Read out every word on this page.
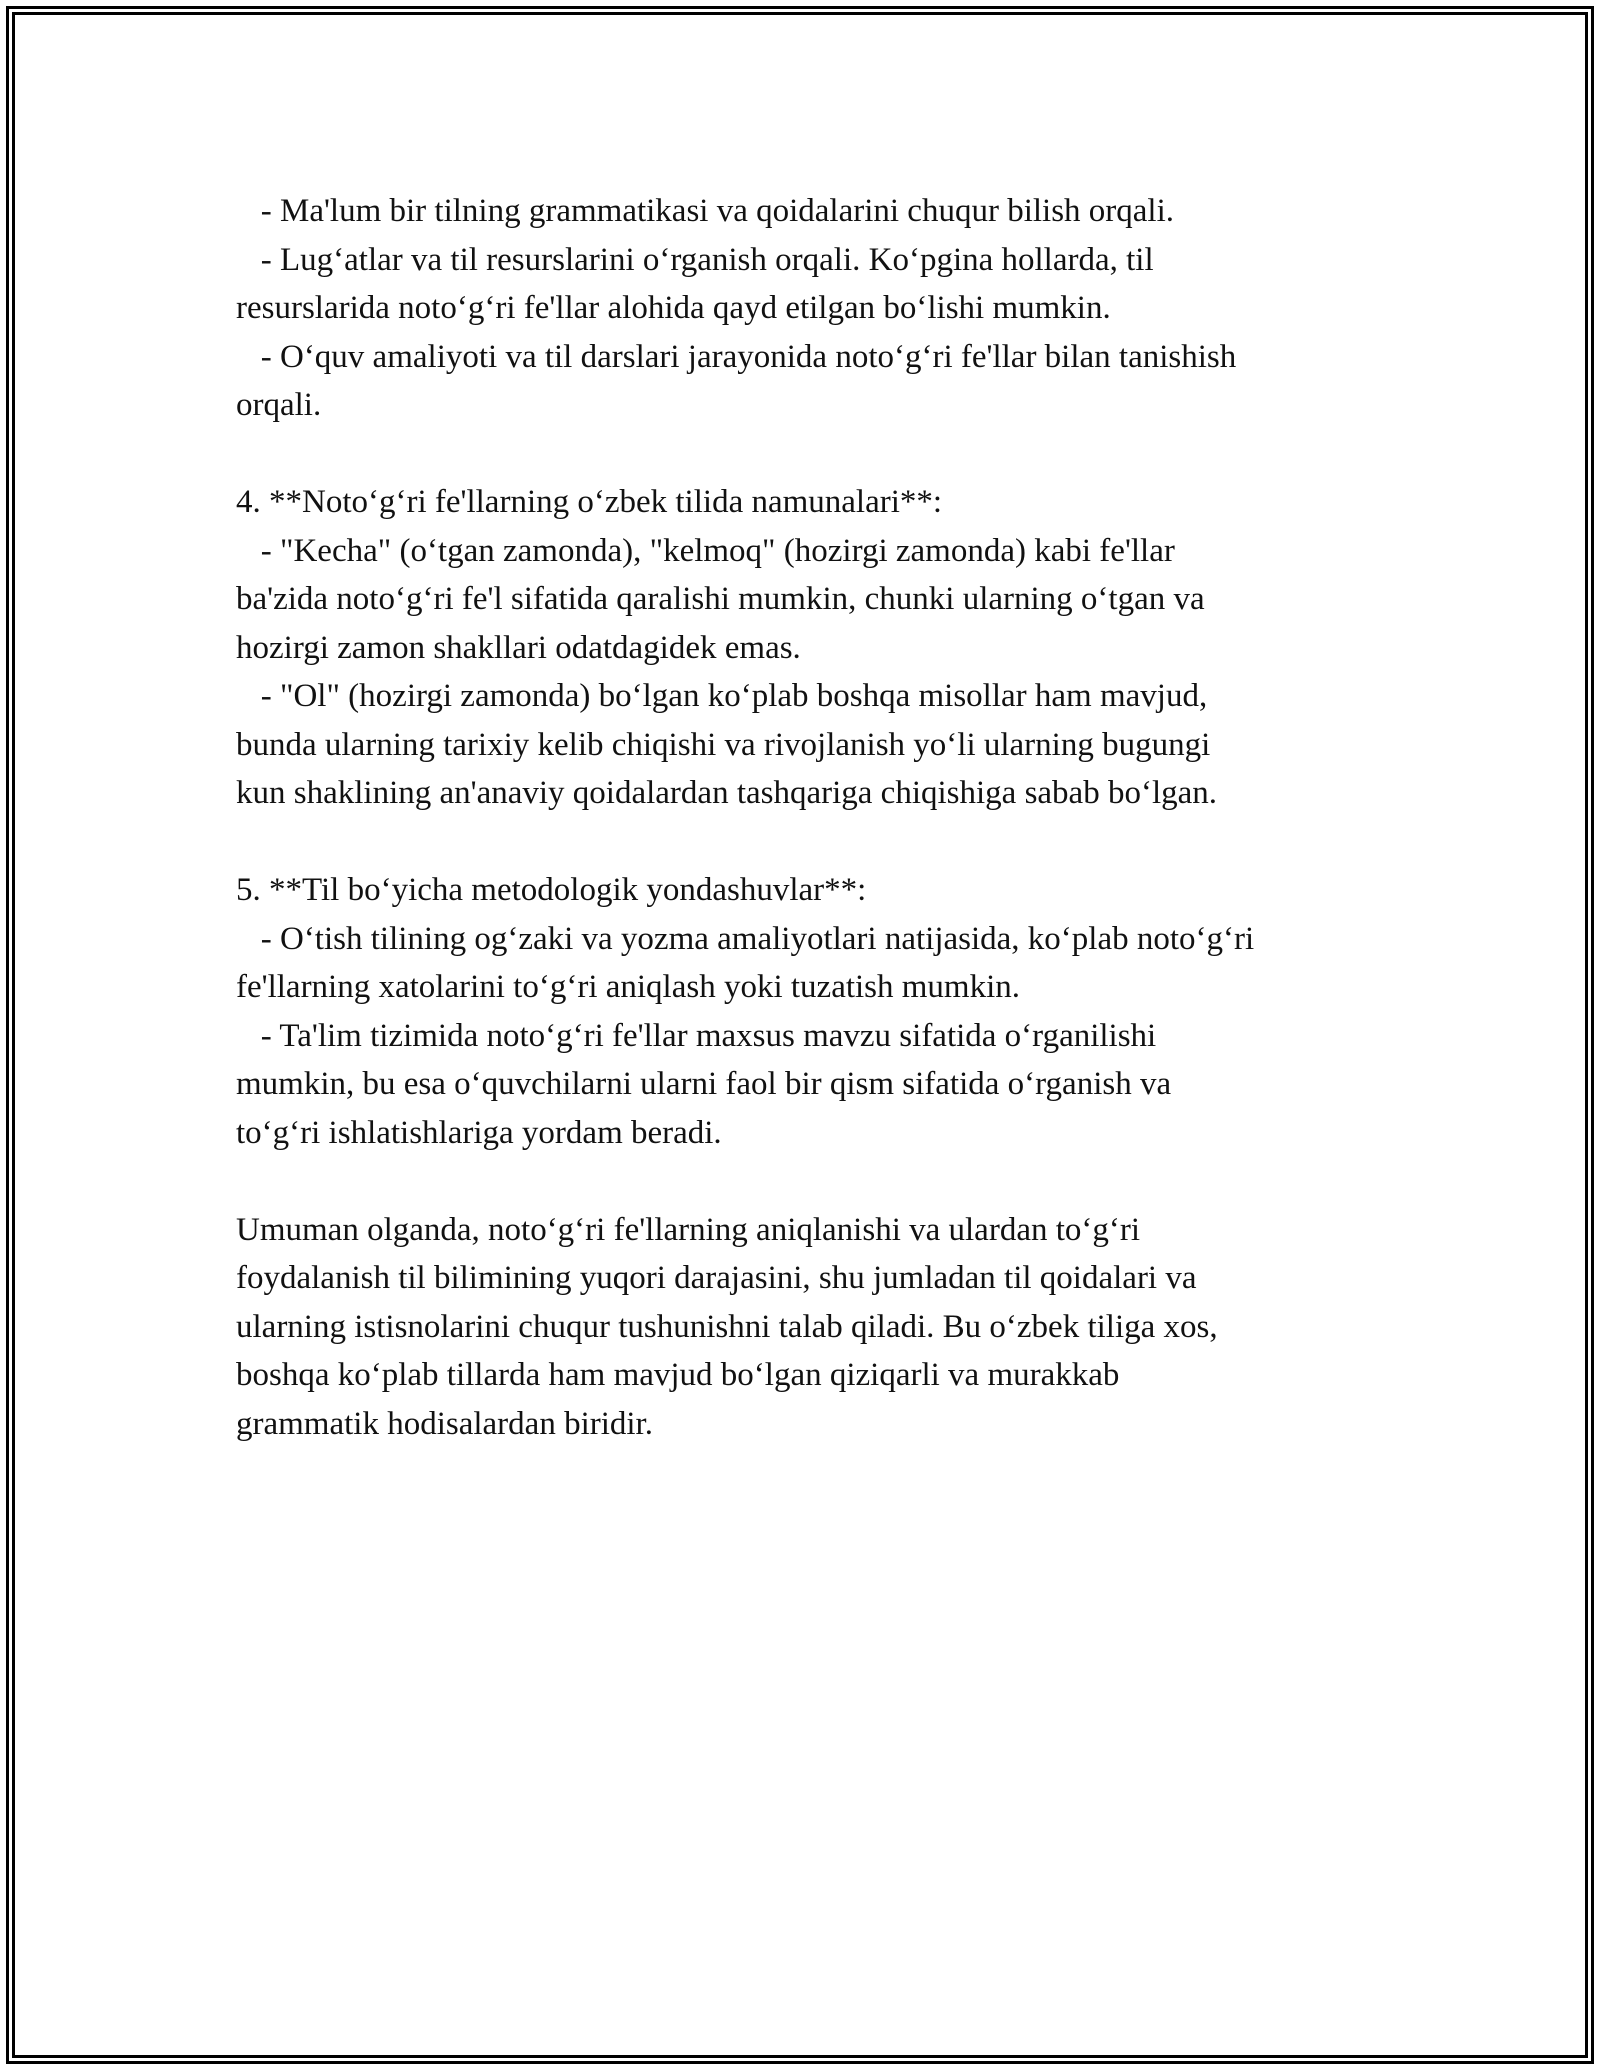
- Ma'lum bir tilning grammatikasi va qoidalarini chuqur bilish orqali.
- Lug‘atlar va til resurslarini o‘rganish orqali. Ko‘pgina hollarda, til
resurslarida noto‘g‘ri fe'llar alohida qayd etilgan bo‘lishi mumkin.
- O‘quv amaliyoti va til darslari jarayonida noto‘g‘ri fe'llar bilan tanishish
orqali.
4. **Noto‘g‘ri fe'llarning o‘zbek tilida namunalari**:
- "Kecha" (o‘tgan zamonda), "kelmoq" (hozirgi zamonda) kabi fe'llar
ba'zida noto‘g‘ri fe'l sifatida qaralishi mumkin, chunki ularning o‘tgan va
hozirgi zamon shakllari odatdagidek emas.
- "Ol" (hozirgi zamonda) bo‘lgan ko‘plab boshqa misollar ham mavjud,
bunda ularning tarixiy kelib chiqishi va rivojlanish yo‘li ularning bugungi
kun shaklining an'anaviy qoidalardan tashqariga chiqishiga sabab bo‘lgan.
5. **Til bo‘yicha metodologik yondashuvlar**:
- O‘tish tilining og‘zaki va yozma amaliyotlari natijasida, ko‘plab noto‘g‘ri
fe'llarning xatolarini to‘g‘ri aniqlash yoki tuzatish mumkin.
- Ta'lim tizimida noto‘g‘ri fe'llar maxsus mavzu sifatida o‘rganilishi
mumkin, bu esa o‘quvchilarni ularni faol bir qism sifatida o‘rganish va
to‘g‘ri ishlatishlariga yordam beradi.
Umuman olganda, noto‘g‘ri fe'llarning aniqlanishi va ulardan to‘g‘ri
foydalanish til bilimining yuqori darajasini, shu jumladan til qoidalari va
ularning istisnolarini chuqur tushunishni talab qiladi. Bu o‘zbek tiliga xos,
boshqa ko‘plab tillarda ham mavjud bo‘lgan qiziqarli va murakkab
grammatik hodisalardan biridir.
